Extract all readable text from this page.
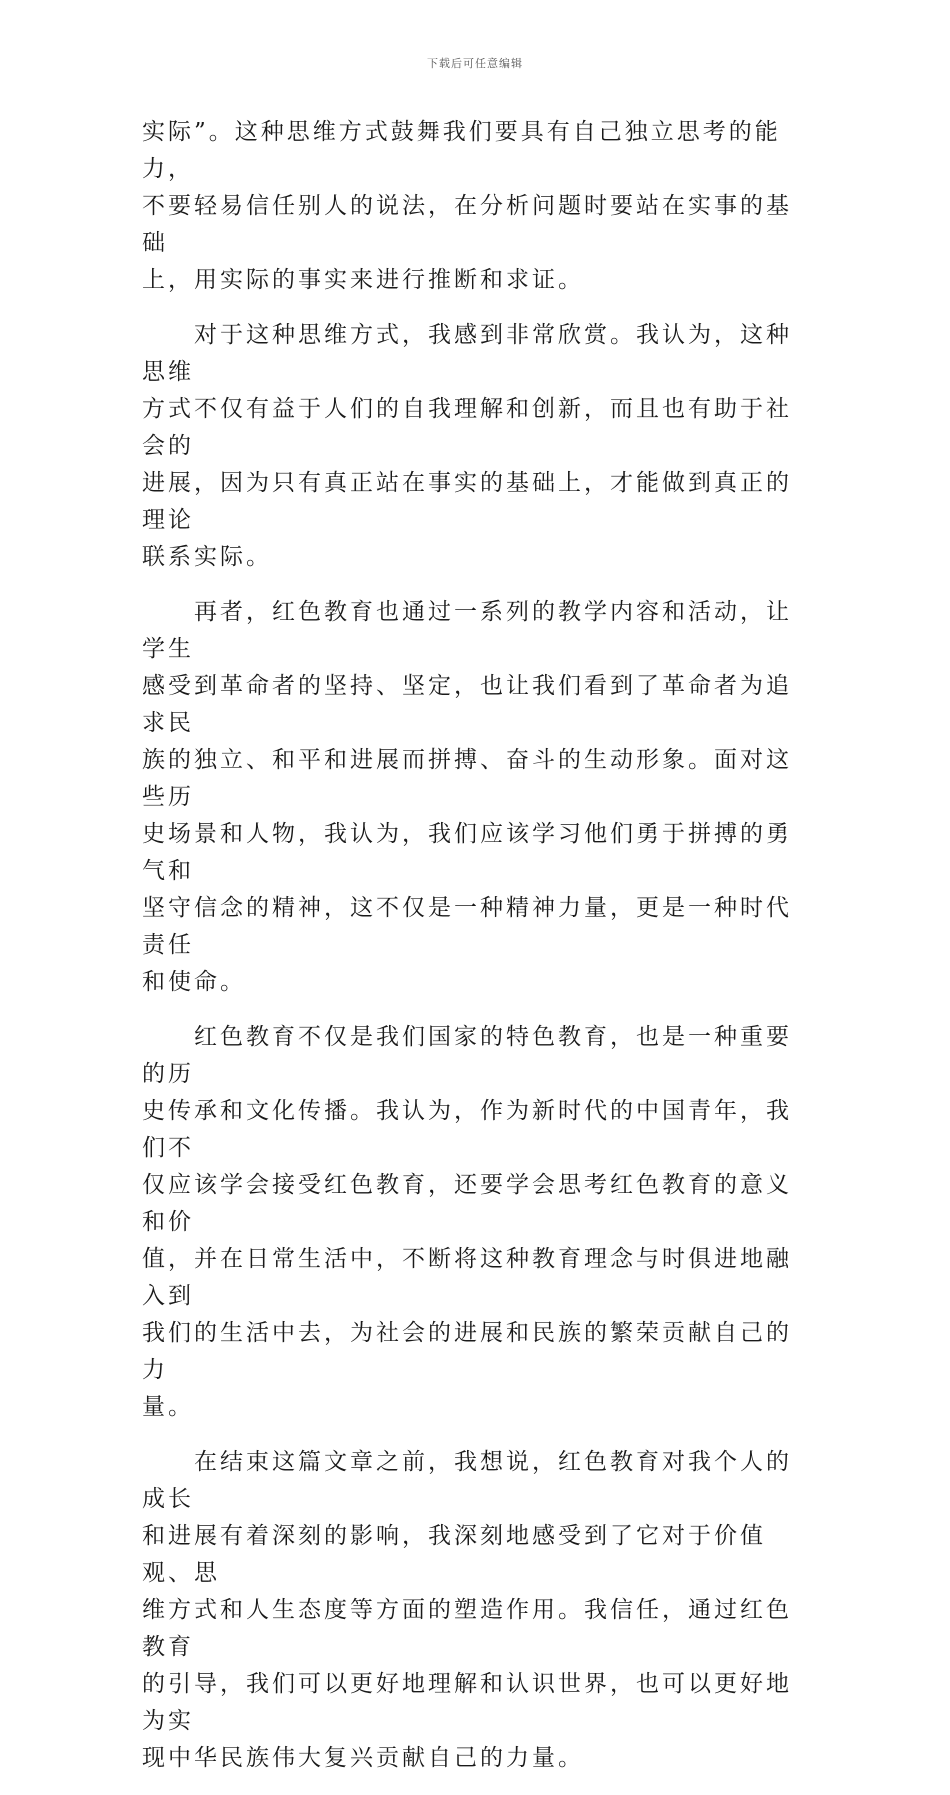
下载后可任意编辑

实际”。这种思维方式鼓舞我们要具有自己独立思考的能力，
不要轻易信任别人的说法，在分析问题时要站在实事的基础
上，用实际的事实来进行推断和求证。

　　对于这种思维方式，我感到非常欣赏。我认为，这种思维
方式不仅有益于人们的自我理解和创新，而且也有助于社会的
进展，因为只有真正站在事实的基础上，才能做到真正的理论
联系实际。

　　再者，红色教育也通过一系列的教学内容和活动，让学生
感受到革命者的坚持、坚定，也让我们看到了革命者为追求民
族的独立、和平和进展而拼搏、奋斗的生动形象。面对这些历
史场景和人物，我认为，我们应该学习他们勇于拼搏的勇气和
坚守信念的精神，这不仅是一种精神力量，更是一种时代责任
和使命。

　　红色教育不仅是我们国家的特色教育，也是一种重要的历
史传承和文化传播。我认为，作为新时代的中国青年，我们不
仅应该学会接受红色教育，还要学会思考红色教育的意义和价
值，并在日常生活中，不断将这种教育理念与时俱进地融入到
我们的生活中去，为社会的进展和民族的繁荣贡献自己的力
量。

　　在结束这篇文章之前，我想说，红色教育对我个人的成长
和进展有着深刻的影响，我深刻地感受到了它对于价值观、思
维方式和人生态度等方面的塑造作用。我信任，通过红色教育
的引导，我们可以更好地理解和认识世界，也可以更好地为实
现中华民族伟大复兴贡献自己的力量。
